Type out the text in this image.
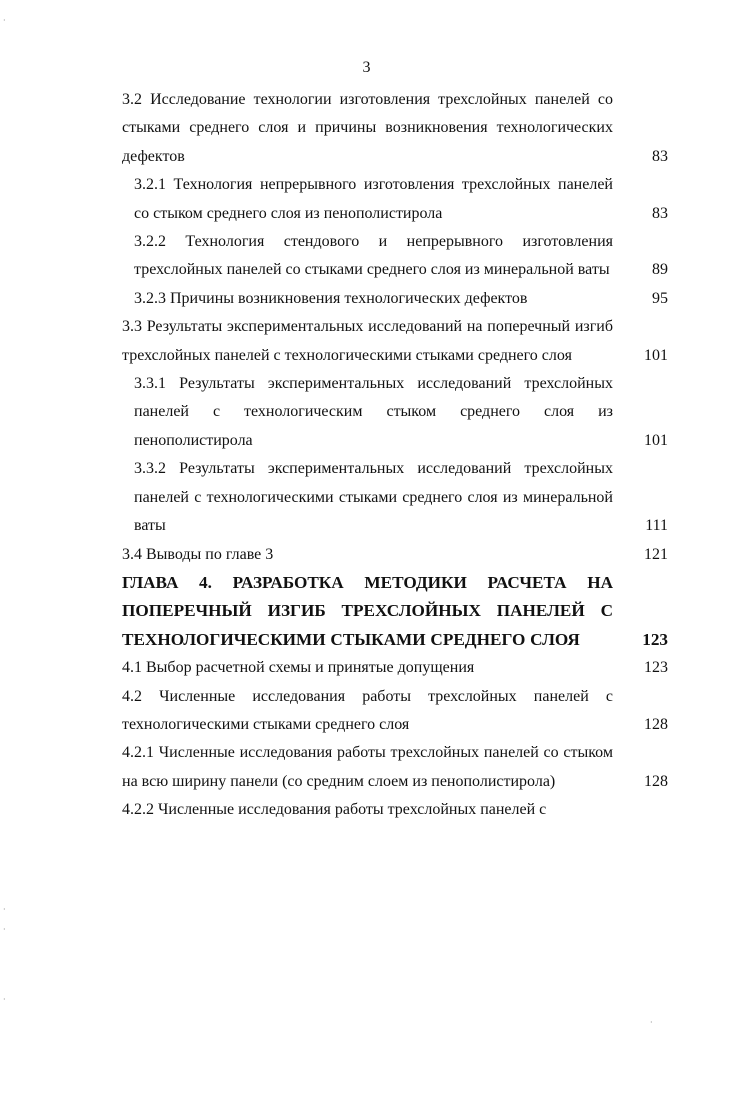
3
3.2 Исследование технологии изготовления трехслойных панелей со стыками среднего слоя и причины возникновения технологических дефектов	83
3.2.1 Технология непрерывного изготовления трехслойных панелей со стыком среднего слоя из пенополистирола	83
3.2.2 Технология стендового и непрерывного изготовления трехслойных панелей со стыками среднего слоя из минеральной ваты	89
3.2.3 Причины возникновения технологических дефектов	95
3.3 Результаты экспериментальных исследований на поперечный изгиб трехслойных панелей с технологическими стыками среднего слоя	101
3.3.1 Результаты экспериментальных исследований трехслойных панелей с технологическим стыком среднего слоя из пенополистирола	101
3.3.2 Результаты экспериментальных исследований трехслойных панелей с технологическими стыками среднего слоя из минеральной ваты	111
3.4 Выводы по главе 3	121
ГЛАВА 4. РАЗРАБОТКА МЕТОДИКИ РАСЧЕТА НА ПОПЕРЕЧНЫЙ ИЗГИБ ТРЕХСЛОЙНЫХ ПАНЕЛЕЙ С ТЕХНОЛОГИЧЕСКИМИ СТЫКАМИ СРЕДНЕГО СЛОЯ	123
4.1 Выбор расчетной схемы и принятые допущения	123
4.2 Численные исследования работы трехслойных панелей с технологическими стыками среднего слоя	128
4.2.1 Численные исследования работы трехслойных панелей со стыком на всю ширину панели (со средним слоем из пенополистирола)	128
4.2.2 Численные исследования работы трехслойных панелей с
·
·
·
·
·
